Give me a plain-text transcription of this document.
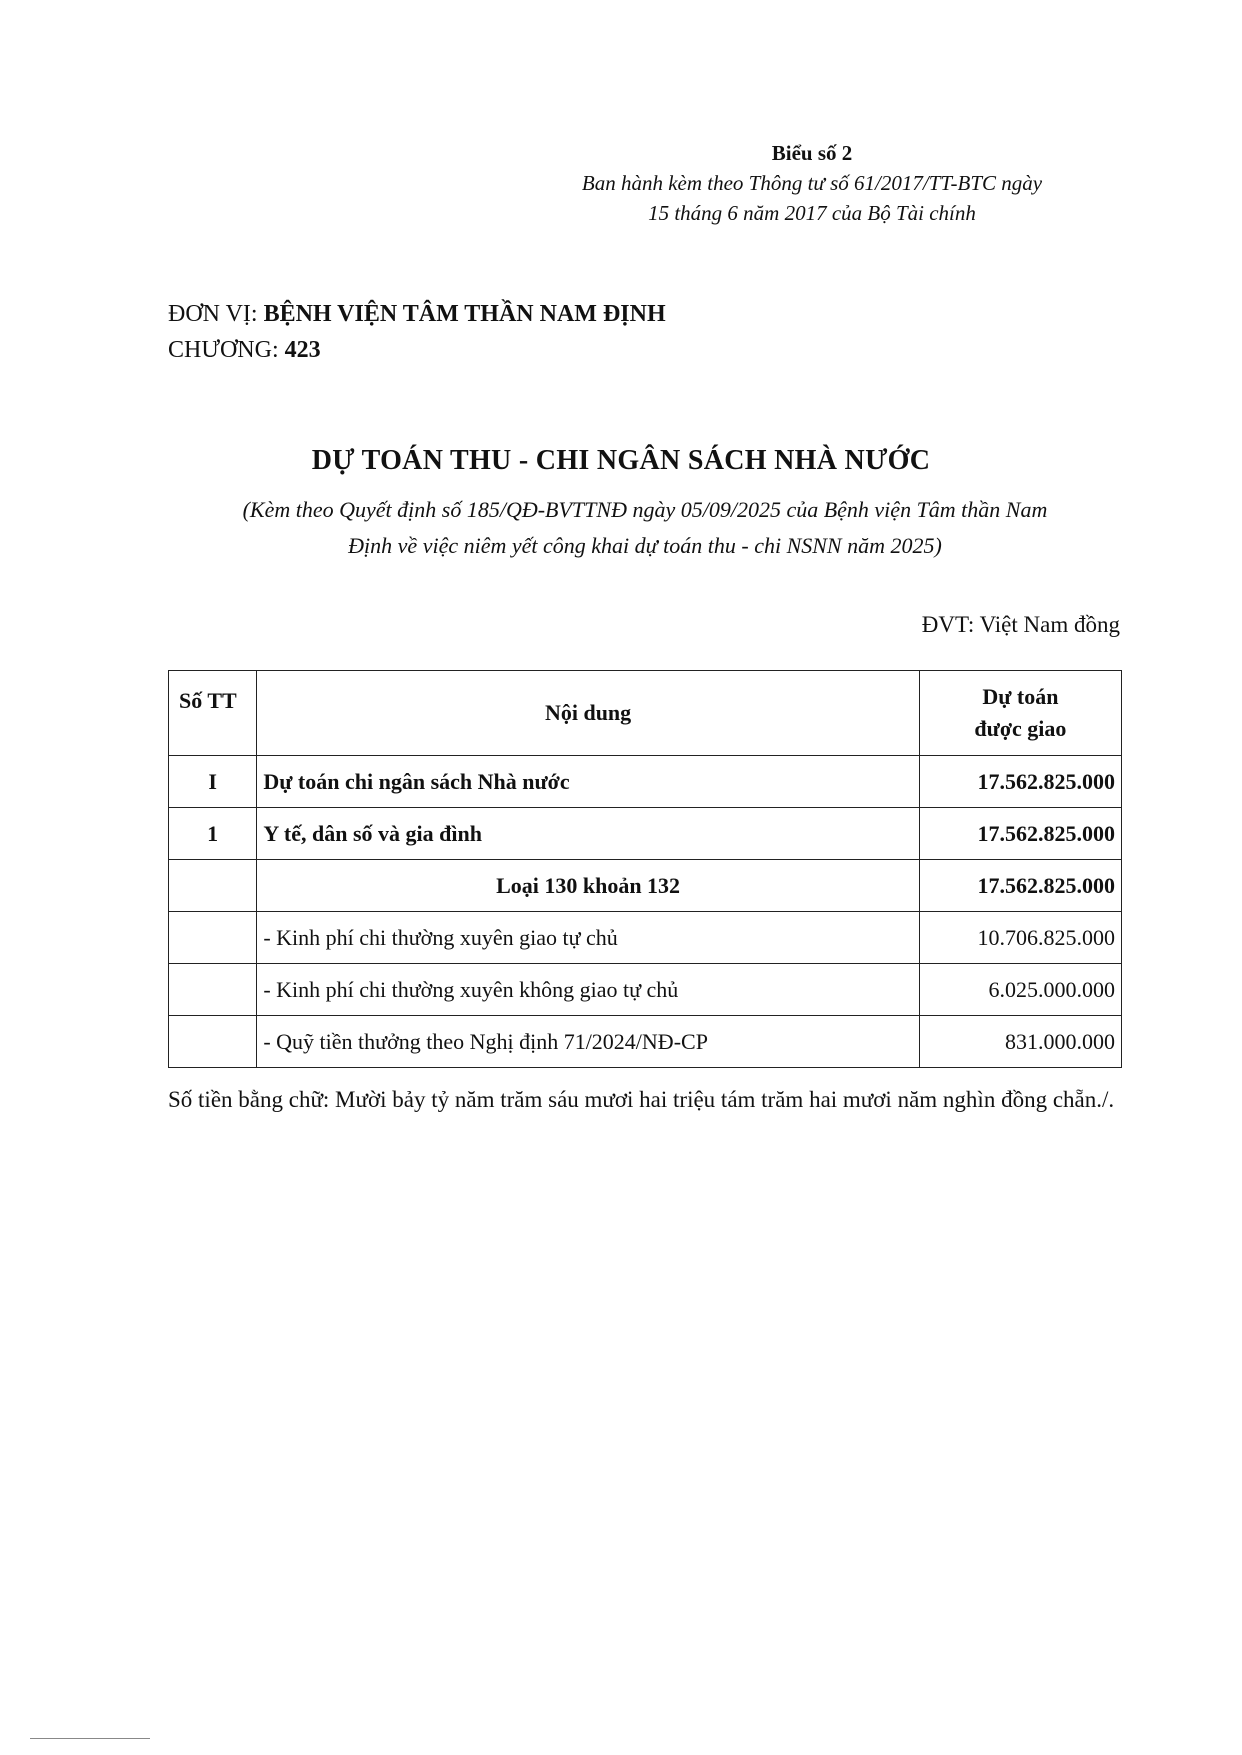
Biểu số 2
Ban hành kèm theo Thông tư số 61/2017/TT-BTC ngày
15 tháng 6 năm 2017 của Bộ Tài chính
ĐƠN VỊ: BỆNH VIỆN TÂM THẦN NAM ĐỊNH
CHƯƠNG: 423
DỰ TOÁN THU - CHI NGÂN SÁCH NHÀ NƯỚC
(Kèm theo Quyết định số 185/QĐ-BVTTNĐ ngày 05/09/2025 của Bệnh viện Tâm thần Nam
Định về việc niêm yết công khai dự toán thu - chi NSNN năm 2025)
ĐVT: Việt Nam đồng
Số TT	Nội dung	Dự toán
được giao

I	Dự toán chi ngân sách Nhà nước	17.562.825.000
1	Y tế, dân số và gia đình	17.562.825.000
	Loại 130 khoản 132	17.562.825.000
	- Kinh phí chi thường xuyên giao tự chủ	10.706.825.000
	- Kinh phí chi thường xuyên không giao tự chủ	6.025.000.000
	- Quỹ tiền thưởng theo Nghị định 71/2024/NĐ-CP	831.000.000
Số tiền bằng chữ: Mười bảy tỷ năm trăm sáu mươi hai triệu tám trăm hai mươi năm nghìn đồng chẵn./.
